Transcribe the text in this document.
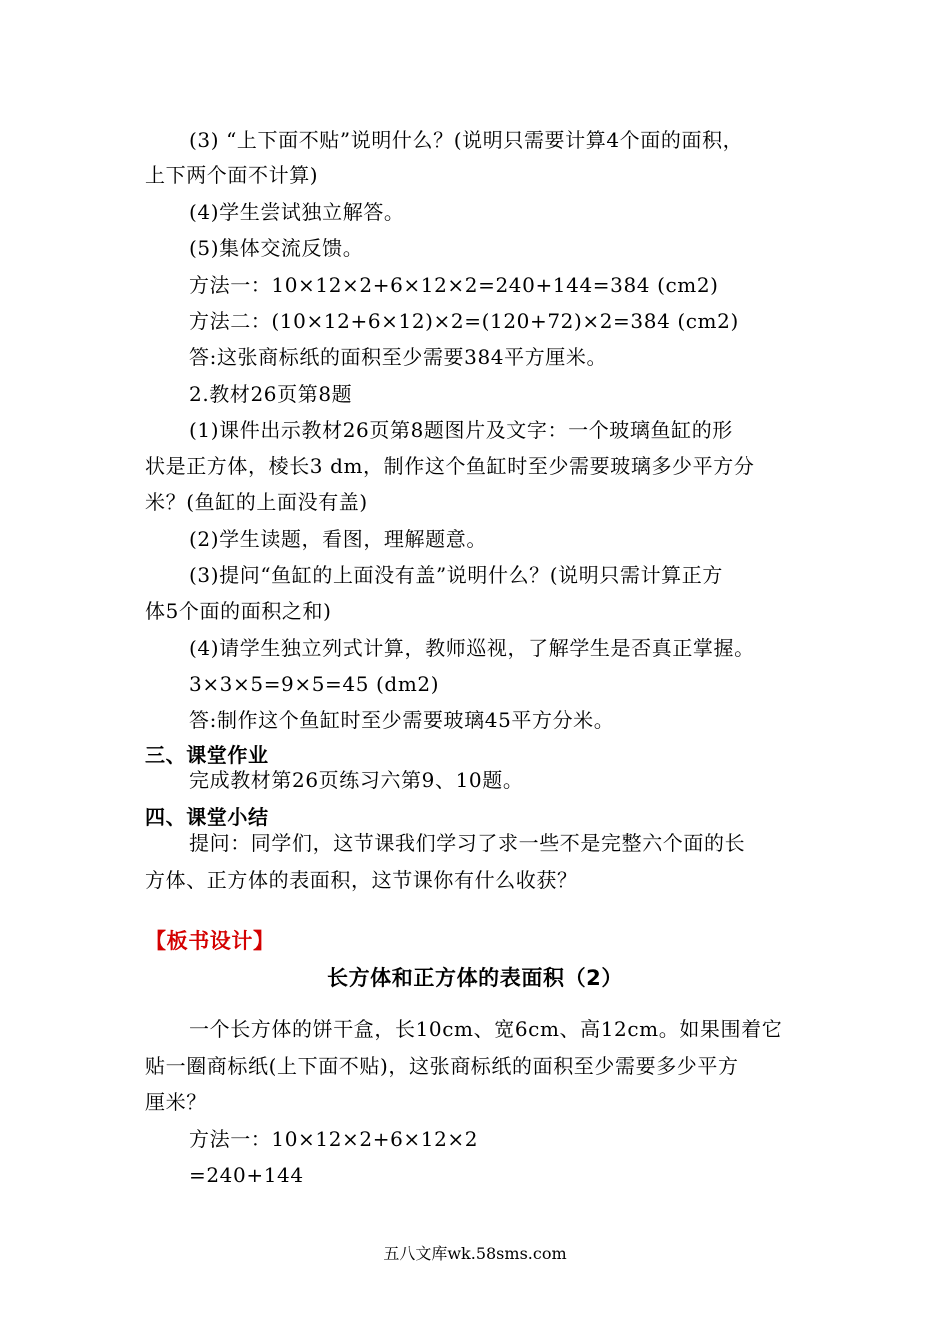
(3) “上下面不贴”说明什么？(说明只需要计算4个面的面积，
上下两个面不计算)
(4)学生尝试独立解答。
(5)集体交流反馈。
方法一：10×12×2+6×12×2=240+144=384 (cm2)
方法二：(10×12+6×12)×2=(120+72)×2=384 (cm2)
答:这张商标纸的面积至少需要384平方厘米。
2.教材26页第8题
(1)课件出示教材26页第8题图片及文字：一个玻璃鱼缸的形
状是正方体，棱长3 dm，制作这个鱼缸时至少需要玻璃多少平方分
米？(鱼缸的上面没有盖)
(2)学生读题，看图，理解题意。
(3)提问“鱼缸的上面没有盖”说明什么？(说明只需计算正方
体5个面的面积之和)
(4)请学生独立列式计算，教师巡视，了解学生是否真正掌握。
3×3×5=9×5=45 (dm2)
答:制作这个鱼缸时至少需要玻璃45平方分米。
三、课堂作业
完成教材第26页练习六第9、10题。
四、课堂小结
提问：同学们，这节课我们学习了求一些不是完整六个面的长
方体、正方体的表面积，这节课你有什么收获？
【板书设计】
长方体和正方体的表面积（2）
一个长方体的饼干盒，长10cm、宽6cm、高12cm。如果围着它
贴一圈商标纸(上下面不贴)，这张商标纸的面积至少需要多少平方
厘米？
方法一：10×12×2+6×12×2
=240+144
五八文库wk.58sms.com
